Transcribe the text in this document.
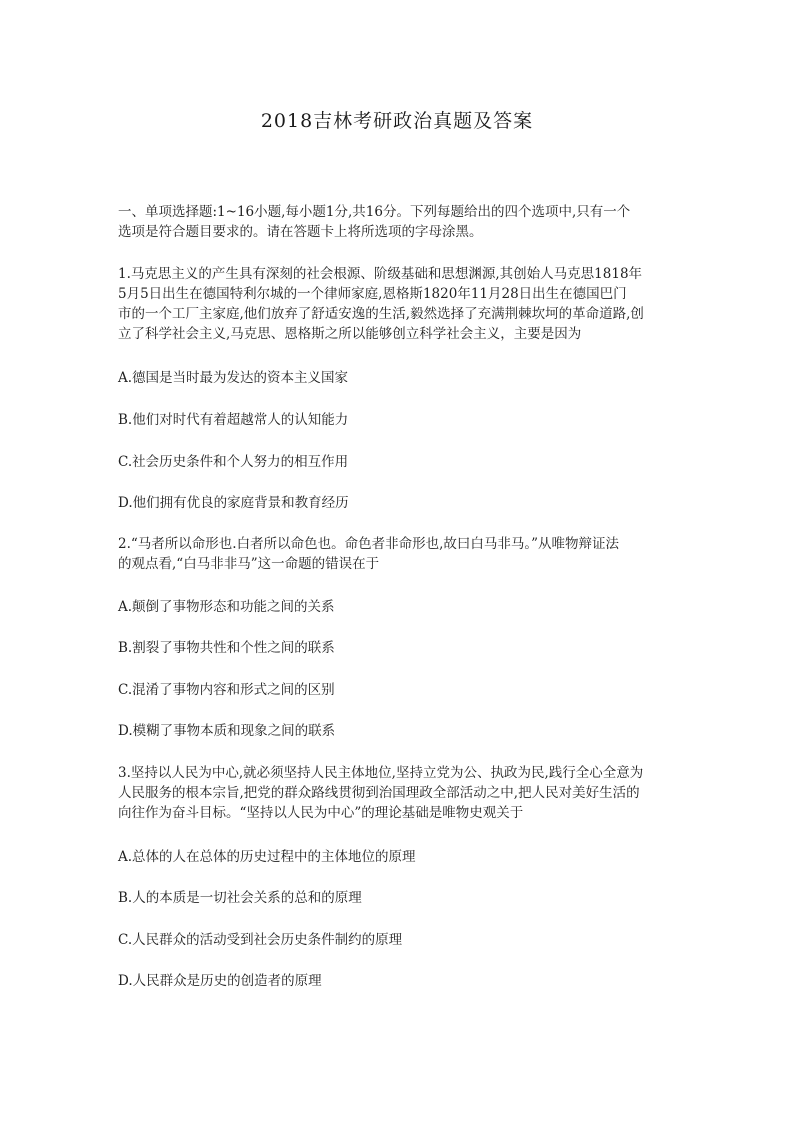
2018吉林考研政治真题及答案
一、单项选择题:1~16小题,每小题1分,共16分。下列每题给出的四个选项中,只有一个
选项是符合题目要求的。请在答题卡上将所选项的字母涂黑。
1.马克思主义的产生具有深刻的社会根源、阶级基础和思想渊源,其创始人马克思1818年
5月5日出生在德国特利尔城的一个律师家庭,恩格斯1820年11月28日出生在德国巴门
市的一个工厂主家庭,他们放弃了舒适安逸的生活,毅然选择了充满荆棘坎坷的革命道路,创
立了科学社会主义,马克思、恩格斯之所以能够创立科学社会主义，主要是因为
A.德国是当时最为发达的资本主义国家
B.他们对时代有着超越常人的认知能力
C.社会历史条件和个人努力的相互作用
D.他们拥有优良的家庭背景和教育经历
2.“马者所以命形也.白者所以命色也。命色者非命形也,故曰白马非马。”从唯物辩证法
的观点看,“白马非非马”这一命题的错误在于
A.颠倒了事物形态和功能之间的关系
B.割裂了事物共性和个性之间的联系
C.混淆了事物内容和形式之间的区别
D.模糊了事物本质和现象之间的联系
3.坚持以人民为中心,就必须坚持人民主体地位,坚持立党为公、执政为民,践行全心全意为
人民服务的根本宗旨,把党的群众路线贯彻到治国理政全部活动之中,把人民对美好生活的
向往作为奋斗目标。“坚持以人民为中心”的理论基础是唯物史观关于
A.总体的人在总体的历史过程中的主体地位的原理
B.人的本质是一切社会关系的总和的原理
C.人民群众的活动受到社会历史条件制约的原理
D.人民群众是历史的创造者的原理
